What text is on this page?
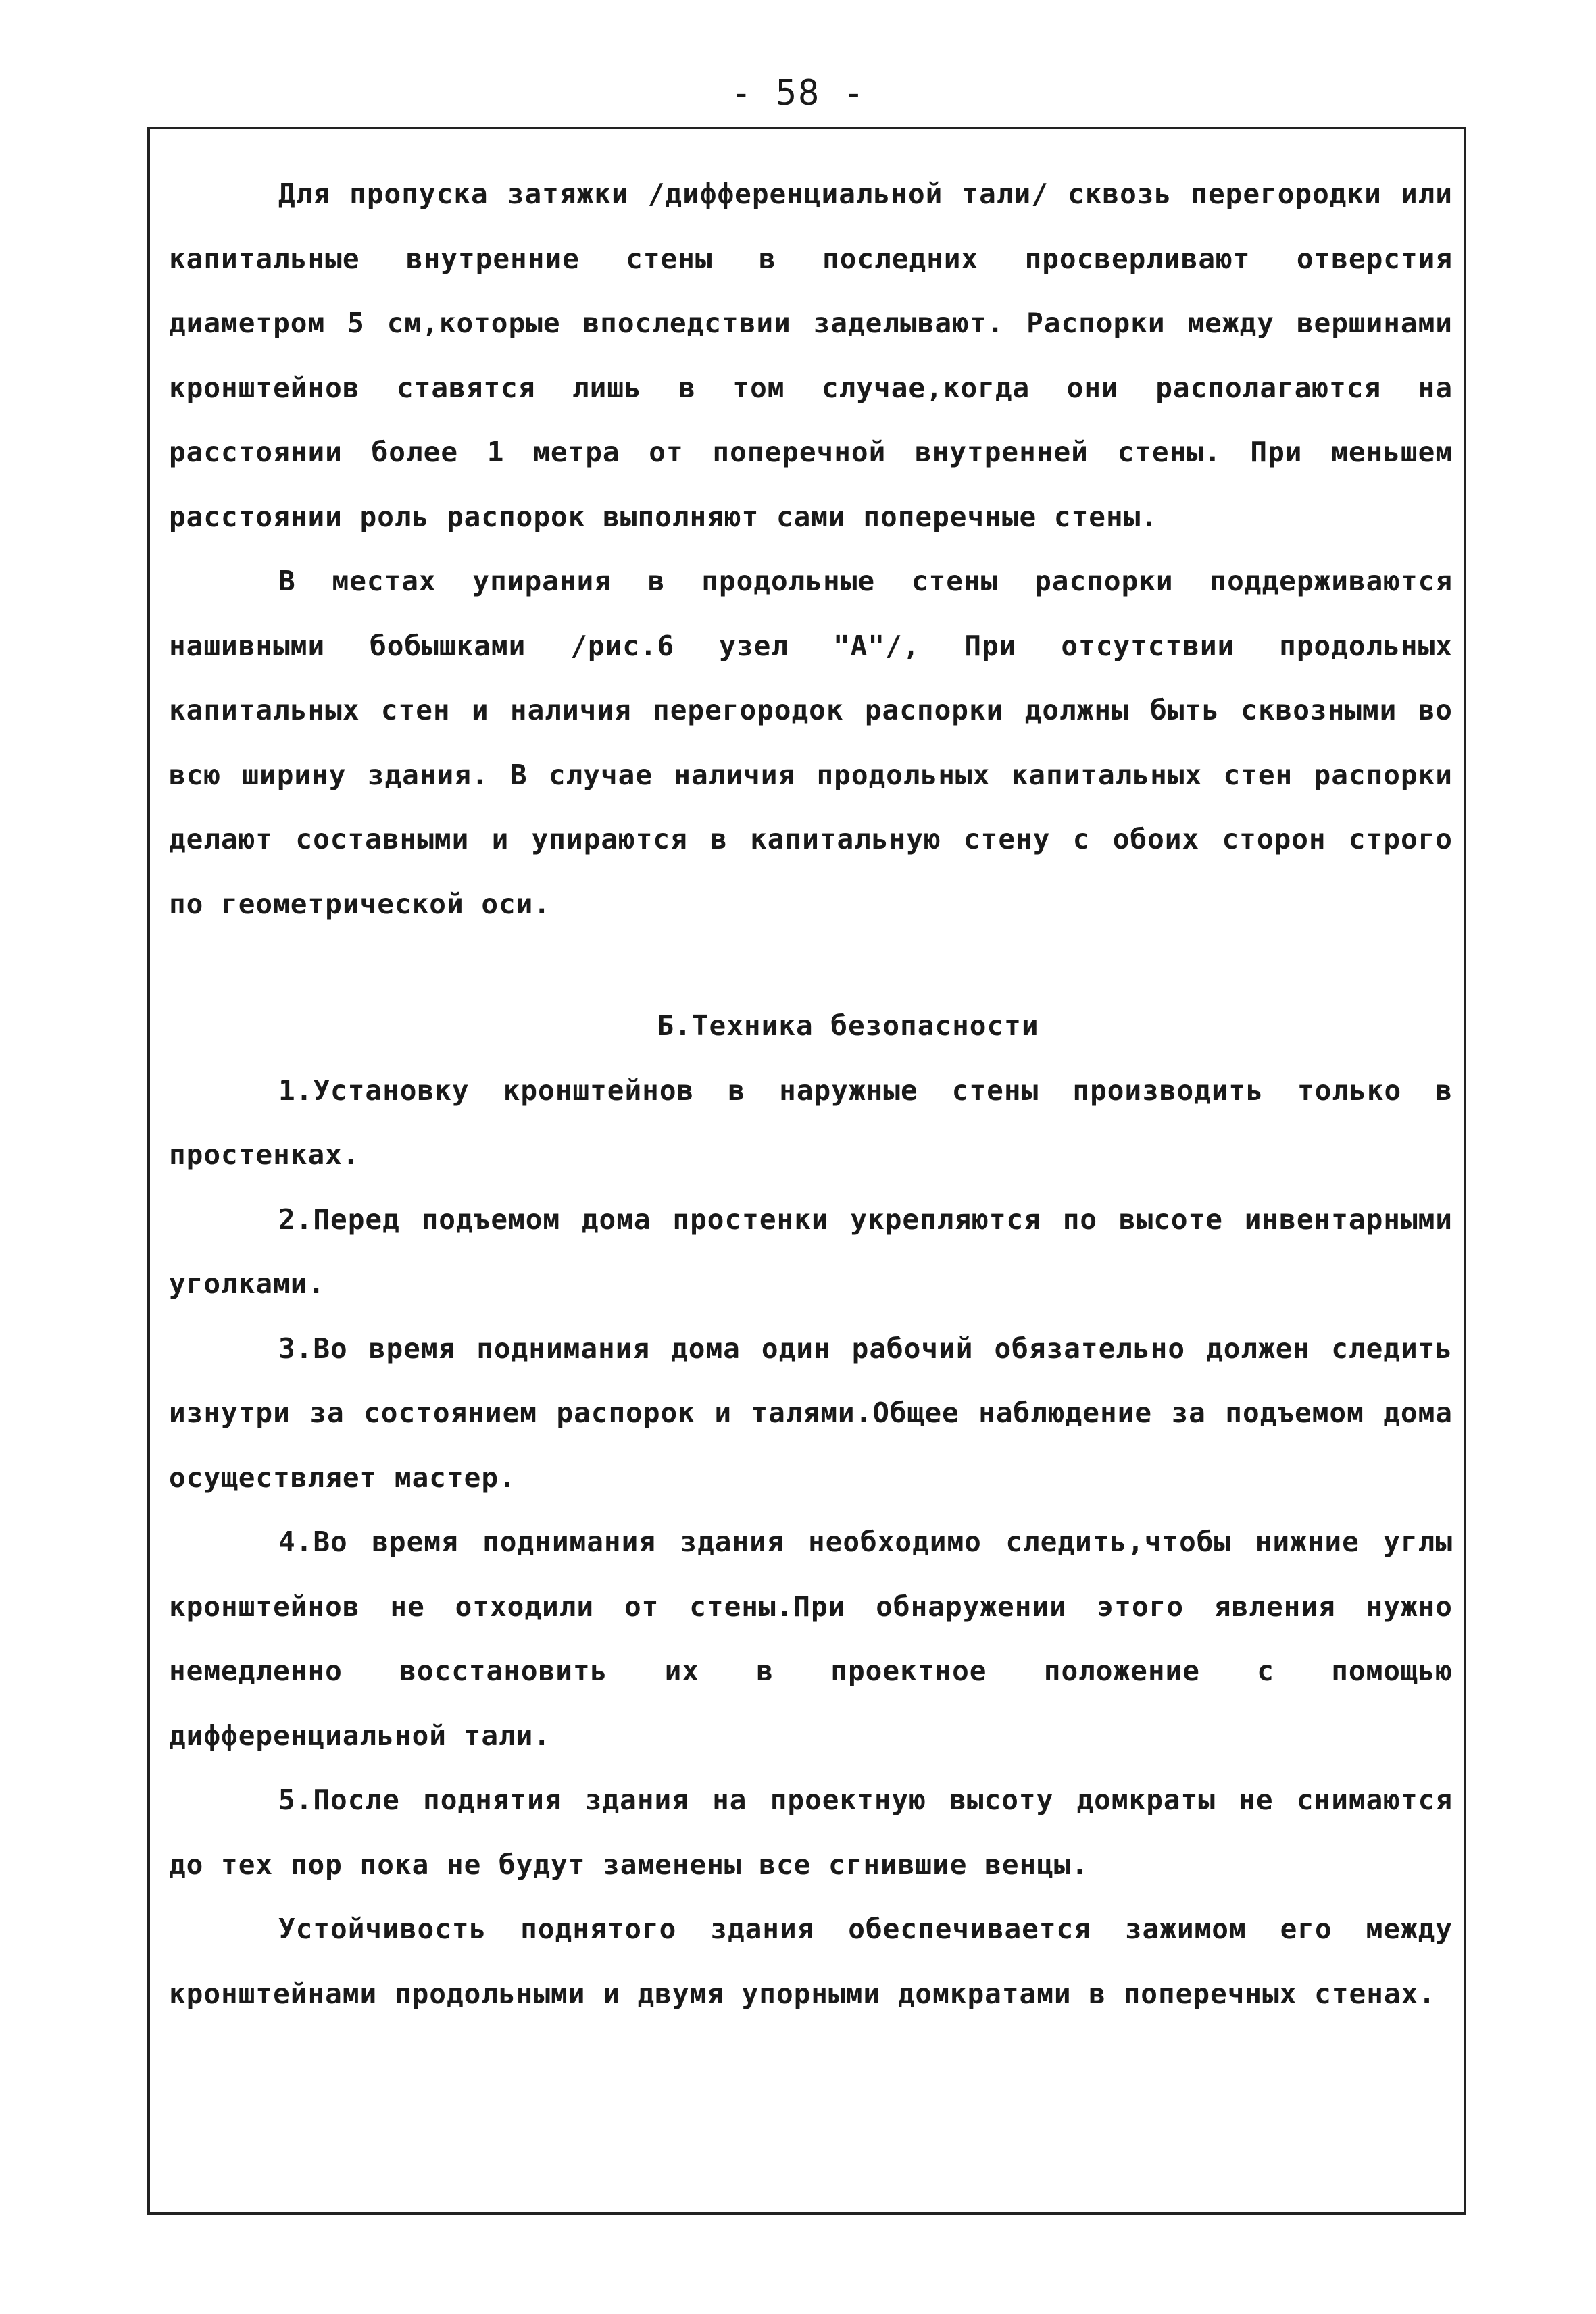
- 58 -

Для пропуска затяжки /дифференциальной тали/ сквозь перегородки или капитальные внутренние стены в последних просверливают отверстия диаметром 5 см,которые впоследствии заделывают. Распорки между вершинами кронштейнов ставятся лишь в том случае,когда они располагаются на расстоянии более 1 метра от поперечной внутренней стены. При меньшем расстоянии роль распорок выполняют сами поперечные стены.

В местах упирания в продольные стены распорки поддерживаются нашивными бобышками /рис.6 узел "А"/, При отсутствии продольных капитальных стен и наличия перегородок распорки должны быть сквозными во всю ширину здания. В случае наличия продольных капитальных стен распорки делают составными и упираются в капитальную стену с обоих сторон строго по геометрической оси.

Б.Техника безопасности

1.Установку кронштейнов в наружные стены производить только в простенках.

2.Перед подъемом дома простенки укрепляются по высоте инвентарными уголками.

3.Во время поднимания дома один рабочий обязательно должен следить изнутри за состоянием распорок и талями.Общее наблюдение за подъемом дома осуществляет мастер.

4.Во время поднимания здания необходимо следить,чтобы нижние углы кронштейнов не отходили от стены.При обнаружении этого явления нужно немедленно восстановить их в проектное положение с помощью дифференциальной тали.

5.После поднятия здания на проектную высоту домкраты не снимаются до тех пор пока не будут заменены все сгнившие венцы.

Устойчивость поднятого здания обеспечивается зажимом его между кронштейнами продольными и двумя упорными домкратами в поперечных стенах.
